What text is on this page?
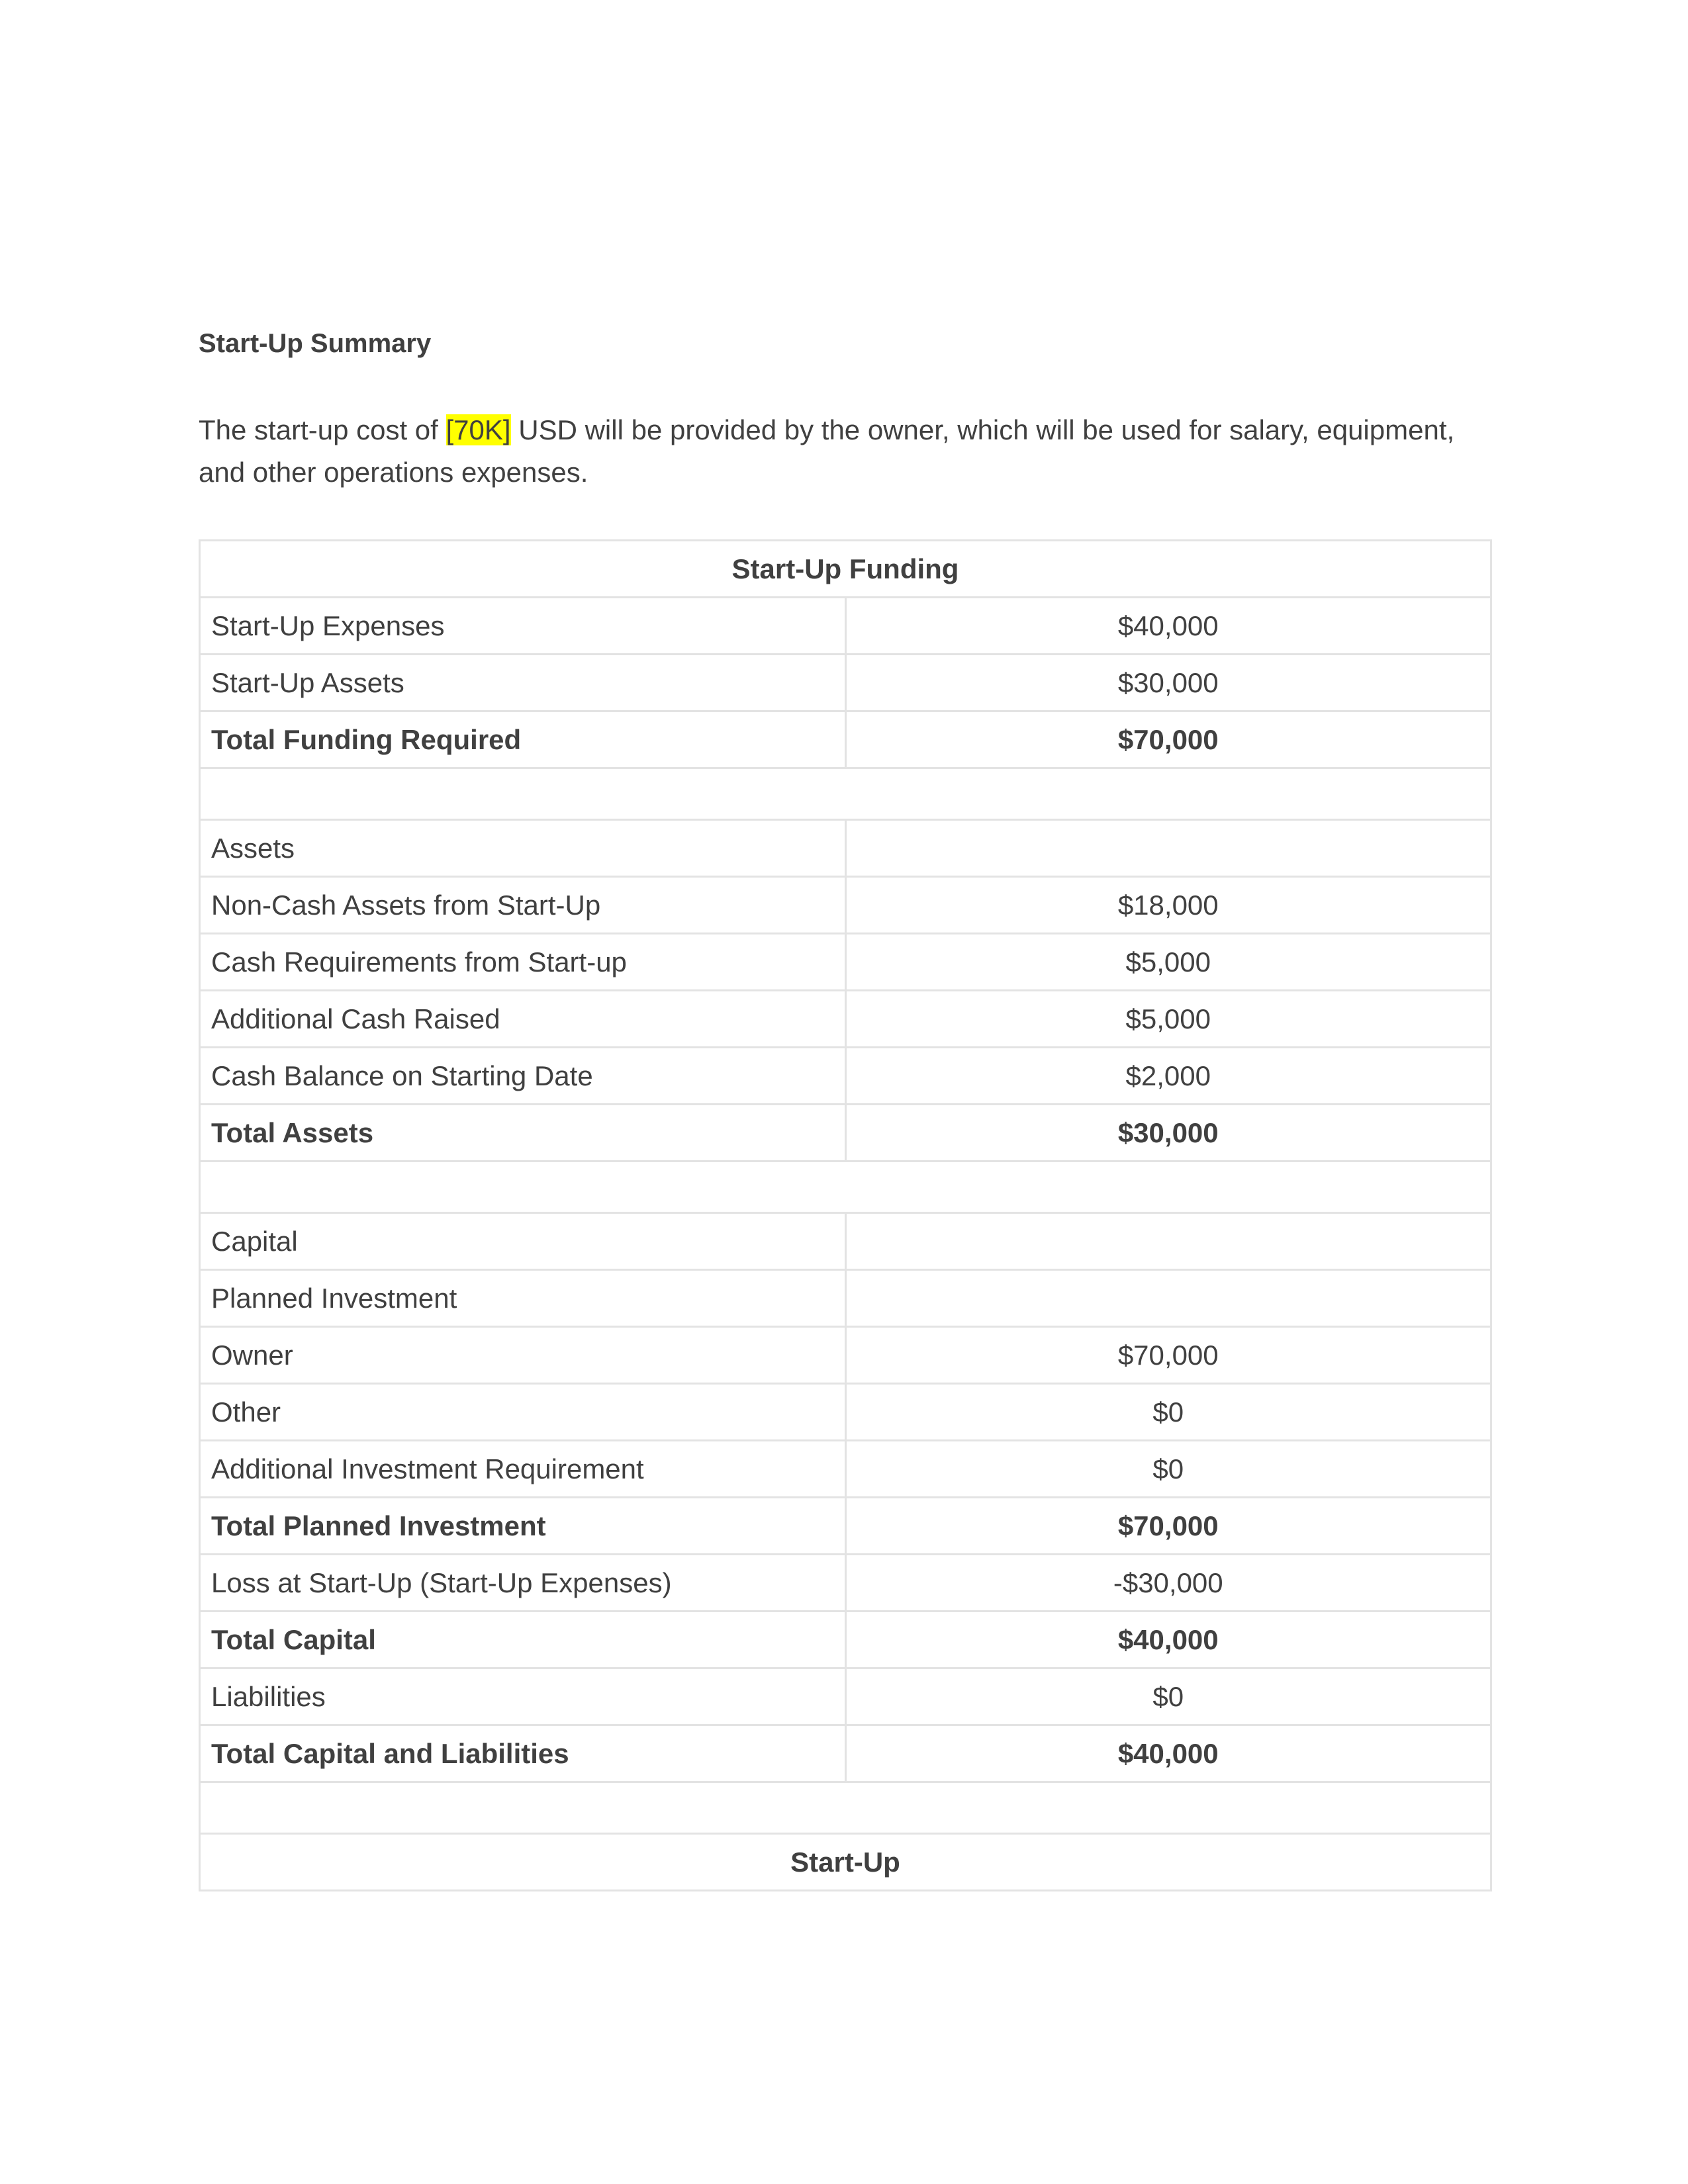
Start-Up Summary

The start-up cost of [70K] USD will be provided by the owner, which will be used for salary, equipment, and other operations expenses.

Start-Up Funding	
Start-Up Expenses	$40,000
Start-Up Assets	$30,000
Total Funding Required	$70,000

Assets	
Non-Cash Assets from Start-Up	$18,000
Cash Requirements from Start-up	$5,000
Additional Cash Raised	$5,000
Cash Balance on Starting Date	$2,000
Total Assets	$30,000

Capital	
Planned Investment	
Owner	$70,000
Other	$0
Additional Investment Requirement	$0
Total Planned Investment	$70,000
Loss at Start-Up (Start-Up Expenses)	-$30,000
Total Capital	$40,000
Liabilities	$0
Total Capital and Liabilities	$40,000

Start-Up	
